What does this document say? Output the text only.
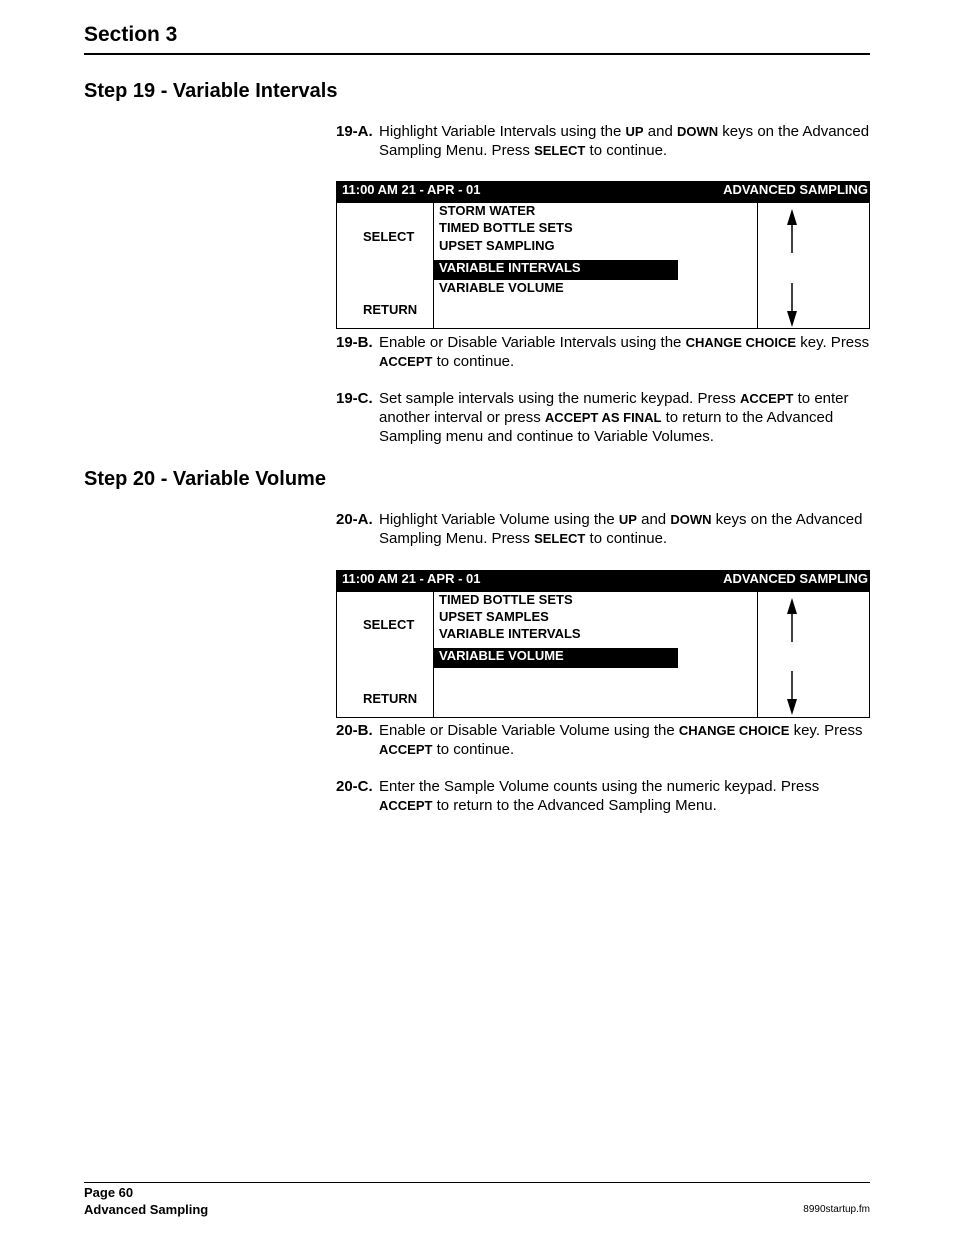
Section 3
Step 19 - Variable Intervals

19-A. Highlight Variable Intervals using the UP and DOWN keys on the Advanced Sampling Menu. Press SELECT to continue.

11:00 AM 21 - APR - 01	ADVANCED SAMPLING
SELECT
RETURN
STORM WATER
TIMED BOTTLE SETS
UPSET SAMPLING
VARIABLE INTERVALS
VARIABLE VOLUME

19-B. Enable or Disable Variable Intervals using the CHANGE CHOICE key. Press ACCEPT to continue.

19-C. Set sample intervals using the numeric keypad. Press ACCEPT to enter another interval or press ACCEPT AS FINAL to return to the Advanced Sampling menu and continue to Variable Volumes.

Step 20 - Variable Volume

20-A. Highlight Variable Volume using the UP and DOWN keys on the Advanced Sampling Menu. Press SELECT to continue.

11:00 AM 21 - APR - 01	ADVANCED SAMPLING
SELECT
RETURN
TIMED BOTTLE SETS
UPSET SAMPLES
VARIABLE INTERVALS
VARIABLE VOLUME

20-B. Enable or Disable Variable Volume using the CHANGE CHOICE key. Press ACCEPT to continue.

20-C. Enter the Sample Volume counts using the numeric keypad. Press ACCEPT to return to the Advanced Sampling Menu.

Page 60
Advanced Sampling	8990startup.fm
